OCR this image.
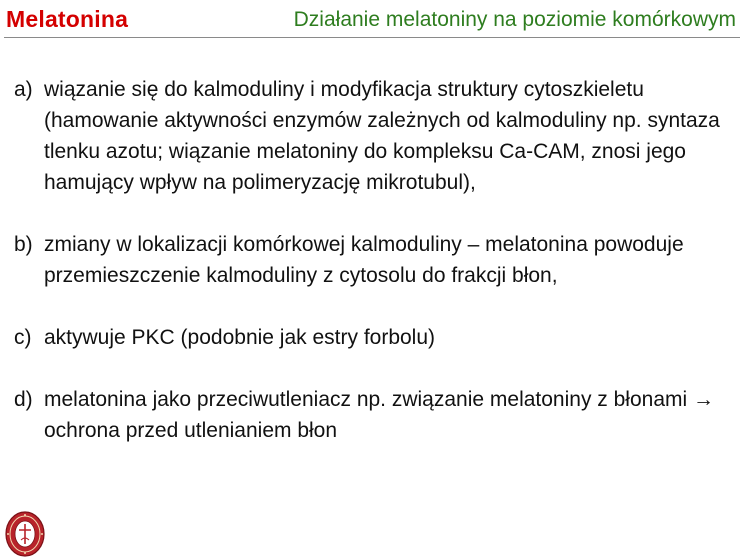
Melatonina	Działanie melatoniny na poziomie komórkowym
a) wiązanie się do kalmoduliny i modyfikacja struktury cytoszkieletu (hamowanie aktywności enzymów zależnych od kalmoduliny np. syntaza tlenku azotu; wiązanie melatoniny do kompleksu Ca-CAM, znosi jego hamujący wpływ na polimeryzację mikrotubul),
b) zmiany w lokalizacji komórkowej kalmoduliny – melatonina powoduje przemieszczenie kalmoduliny z cytosolu do frakcji błon,
c) aktywuje PKC (podobnie jak estry forbolu)
d) melatonina jako przeciwutleniacz np. związanie melatoniny z błonami → ochrona przed utlenianiem błon
